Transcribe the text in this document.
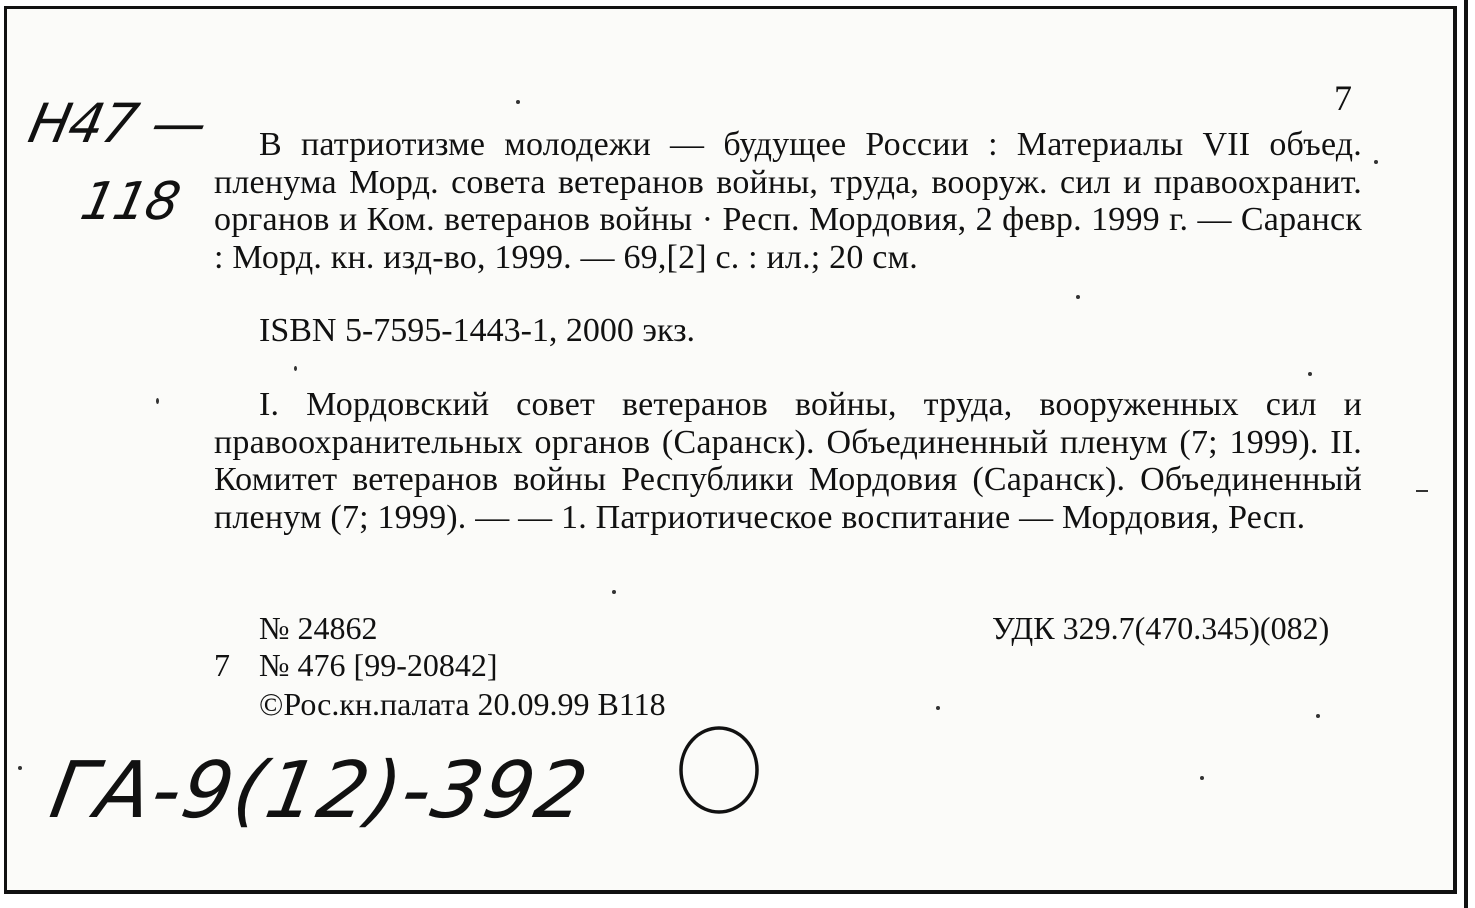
Н47 —
118
7

В патриотизме молодежи — будущее России : Материалы VII объед. пленума Морд. совета ветеранов войны, труда, вооруж. сил и правоохранит. органов и Ком. ветеранов войны · Респ. Мордовия, 2 февр. 1999 г. — Саранск : Морд. кн. изд-во, 1999. — 69,[2] с. : ил.; 20 см.

ISBN 5-7595-1443-1, 2000 экз.

I. Мордовский совет ветеранов войны, труда, вооруженных сил и правоохранительных органов (Саранск). Объединенный пленум (7; 1999). II. Комитет ветеранов войны Республики Мордовия (Саранск). Объединенный пленум (7; 1999). — — 1. Патриотическое воспитание — Мордовия, Респ.

№ 24862
7 № 476 [99-20842]
©Рос.кн.палата 20.09.99 В118
УДК 329.7(470.345)(082)
ГА-9(12)-392
